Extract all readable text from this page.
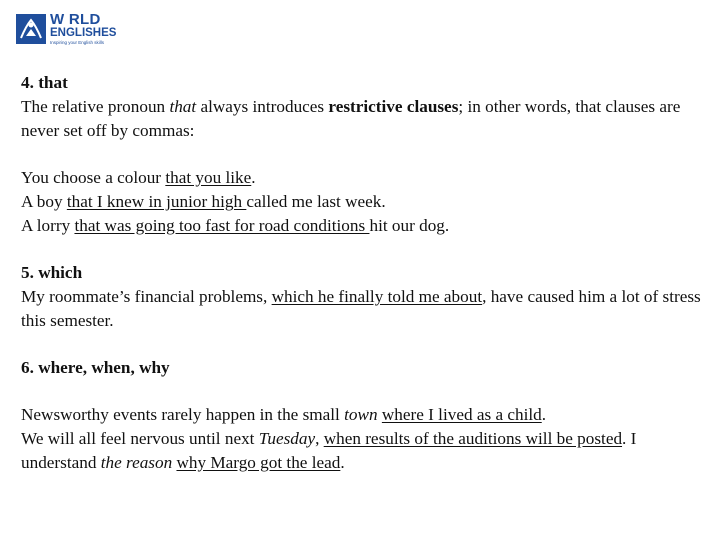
W RLD
ENGLISHES
Inspiring your English skills

4. that

The relative pronoun that always introduces restrictive clauses; in other words, that clauses are never set off by commas:

You choose a colour that you like.

A boy that I knew in junior high called me last week.

A lorry that was going too fast for road conditions hit our dog.

5. which

My roommate’s financial problems, which he finally told me about, have caused him a lot of stress this semester.

6. where, when, why

Newsworthy events rarely happen in the small town where I lived as a child.

We will all feel nervous until next Tuesday, when results of the auditions will be posted. I understand the reason why Margo got the lead.
